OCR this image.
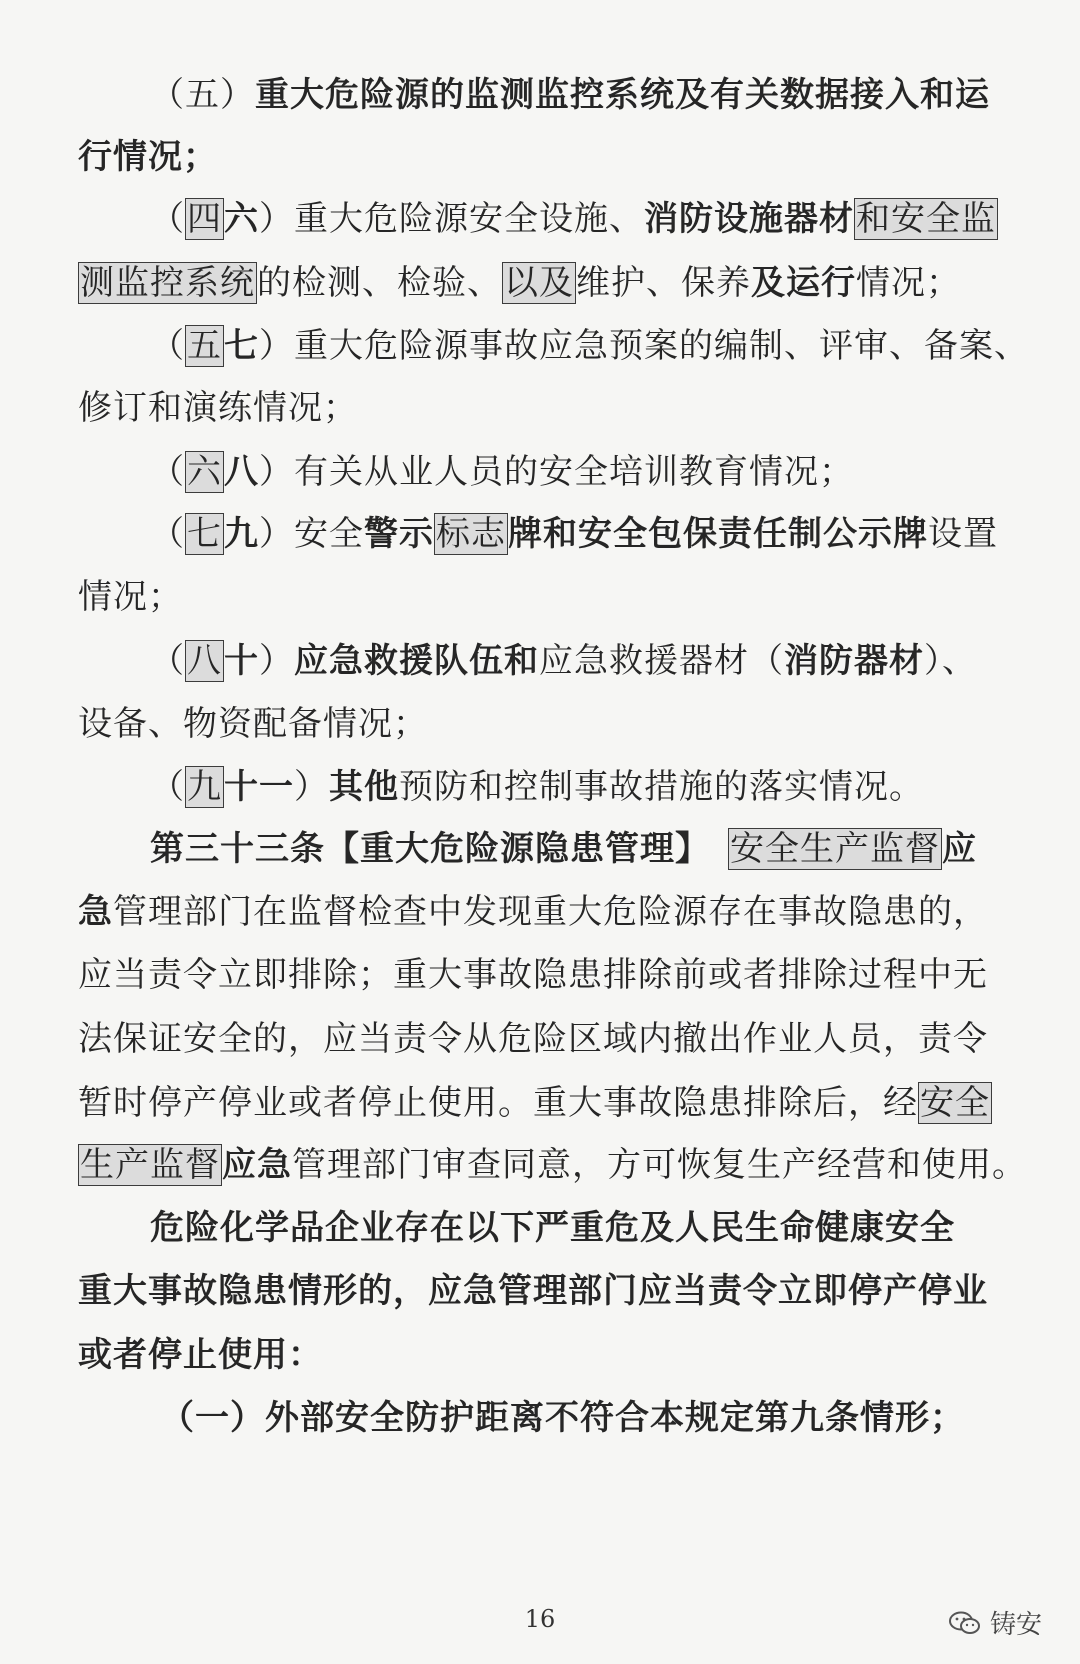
（五）重大危险源的监测监控系统及有关数据接入和运
行情况；
（四六）重大危险源安全设施、消防设施器材和安全监
测监控系统的检测、检验、以及维护、保养及运行情况；
（五七）重大危险源事故应急预案的编制、评审、备案、
修订和演练情况；
（六八）有关从业人员的安全培训教育情况；
（七九）安全警示标志牌和安全包保责任制公示牌设置
情况；
（八十）应急救援队伍和应急救援器材（消防器材）、
设备、物资配备情况；
（九十一）其他预防和控制事故措施的落实情况。
第三十三条【重大危险源隐患管理】　 安全生产监督应
急管理部门在监督检查中发现重大危险源存在事故隐患的，
应当责令立即排除；重大事故隐患排除前或者排除过程中无
法保证安全的，应当责令从危险区域内撤出作业人员，责令
暂时停产停业或者停止使用。重大事故隐患排除后，经安全
生产监督应急管理部门审查同意，方可恢复生产经营和使用。
危险化学品企业存在以下严重危及人民生命健康安全
重大事故隐患情形的，应急管理部门应当责令立即停产停业
或者停止使用：
（一）外部安全防护距离不符合本规定第九条情形；
16	铸安
